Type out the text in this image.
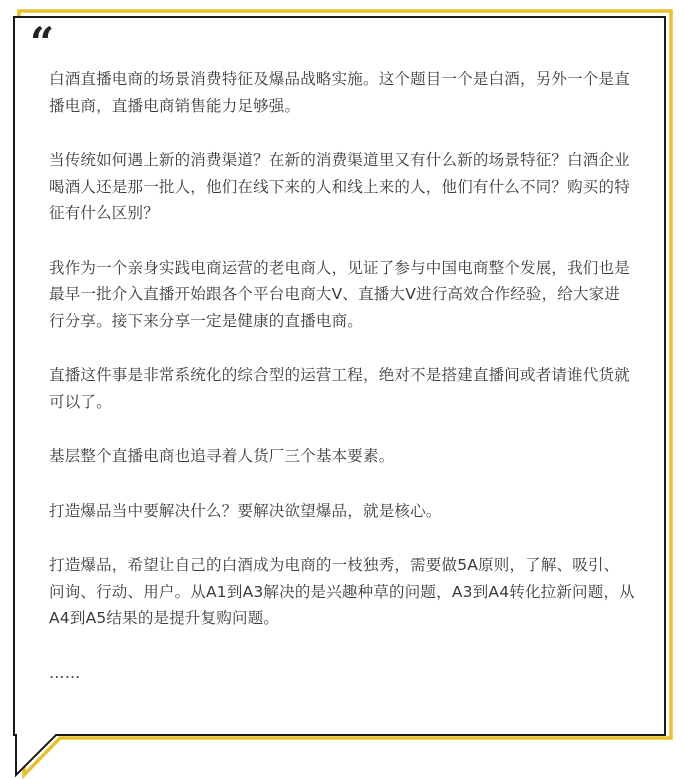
“

白酒直播电商的场景消费特征及爆品战略实施。这个题目一个是白酒，另外一个是直播电商，直播电商销售能力足够强。

当传统如何遇上新的消费渠道？在新的消费渠道里又有什么新的场景特征？白酒企业喝酒人还是那一批人，他们在线下来的人和线上来的人，他们有什么不同？购买的特征有什么区别？

我作为一个亲身实践电商运营的老电商人，见证了参与中国电商整个发展，我们也是最早一批介入直播开始跟各个平台电商大V、直播大V进行高效合作经验，给大家进行分享。接下来分享一定是健康的直播电商。

直播这件事是非常系统化的综合型的运营工程，绝对不是搭建直播间或者请谁代货就可以了。

基层整个直播电商也追寻着人货厂三个基本要素。

打造爆品当中要解决什么？要解决欲望爆品，就是核心。

打造爆品，希望让自己的白酒成为电商的一枝独秀，需要做5A原则，了解、吸引、问询、行动、用户。从A1到A3解决的是兴趣种草的问题，A3到A4转化拉新问题，从A4到A5结果的是提升复购问题。

……
